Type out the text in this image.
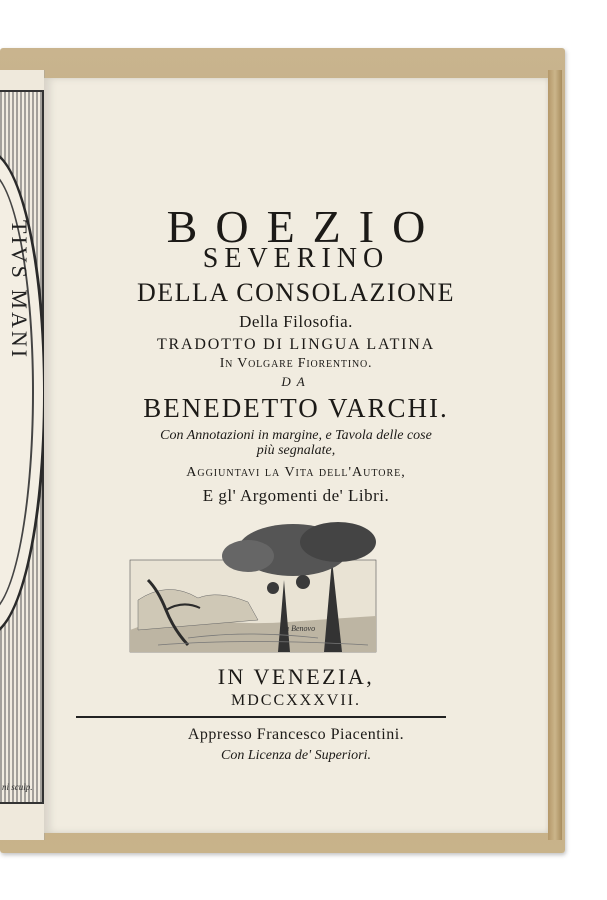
TIVS MANI
ni sculp.
BOEZIO
SEVERINO
DELLA CONSOLAZIONE
Della Filosofia.
TRADOTTO DI LINGUA LATINA
In Volgare Fiorentino.
DA
BENEDETTO VARCHI.
Con Annotazioni in margine, e Tavola delle cose
più segnalate,
Aggiuntavi la Vita dell'Autore,
E gl' Argomenti de' Libri.
su Benovo
IN VENEZIA,
MDCCXXXVII.
Appresso Francesco Piacentini.
Con Licenza de' Superiori.
